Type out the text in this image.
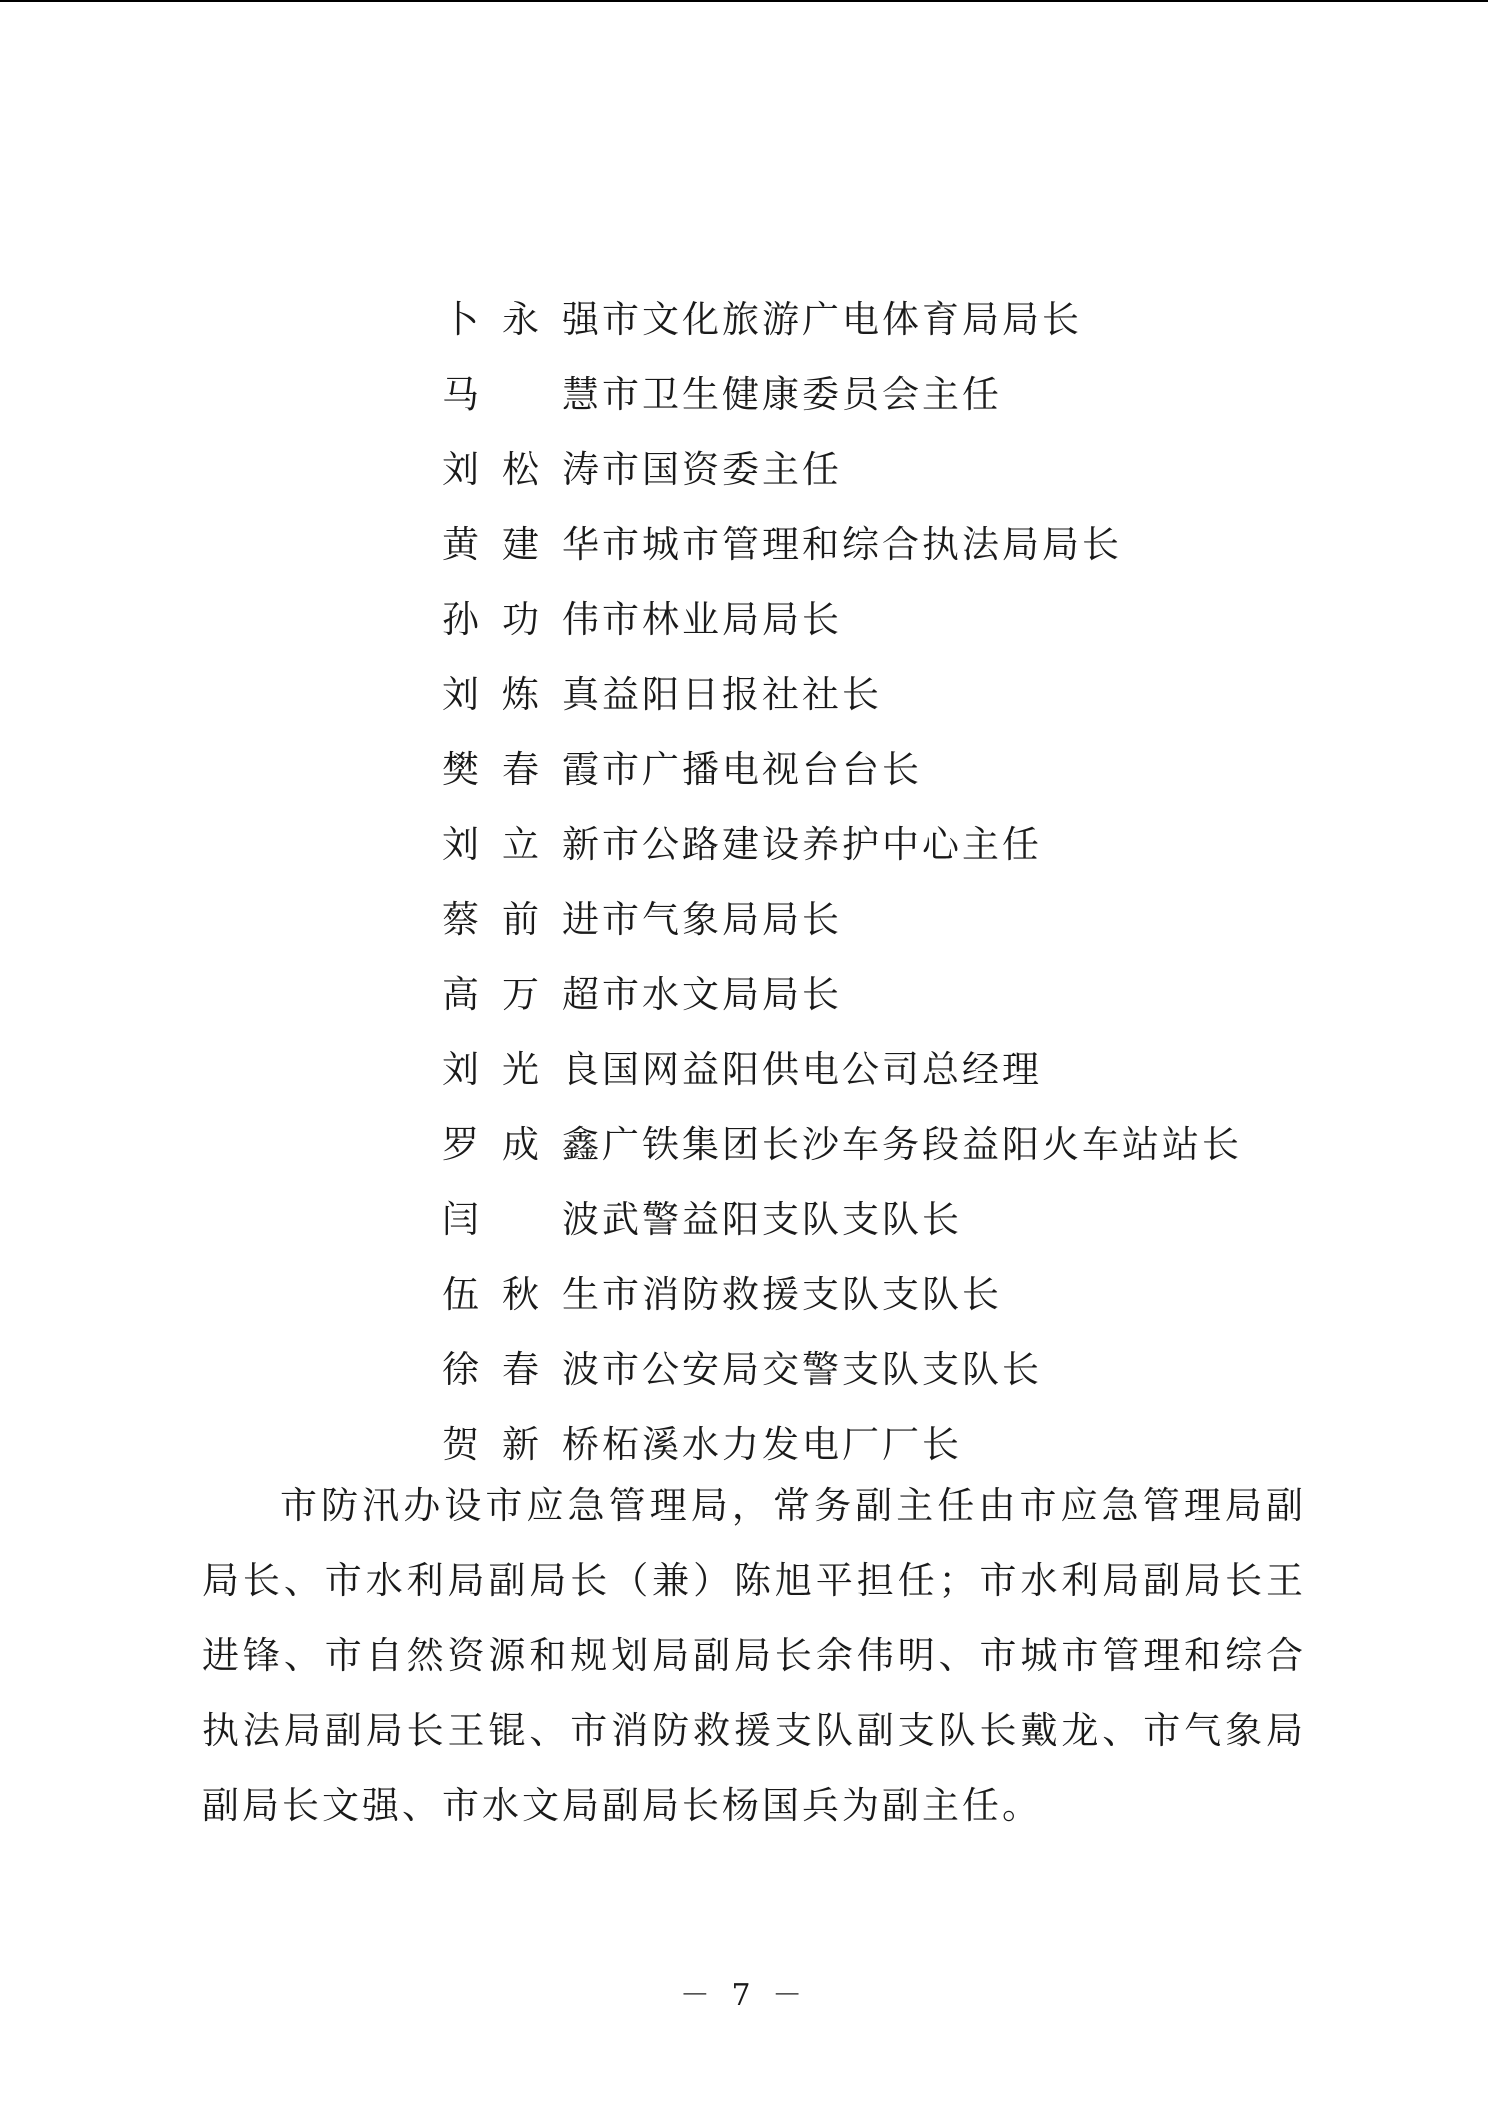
卜永强 市文化旅游广电体育局局长
马　慧 市卫生健康委员会主任
刘松涛 市国资委主任
黄建华 市城市管理和综合执法局局长
孙功伟 市林业局局长
刘炼真 益阳日报社社长
樊春霞 市广播电视台台长
刘立新 市公路建设养护中心主任
蔡前进 市气象局局长
高万超 市水文局局长
刘光良 国网益阳供电公司总经理
罗成鑫 广铁集团长沙车务段益阳火车站站长
闫　波 武警益阳支队支队长
伍秋生 市消防救援支队支队长
徐春波 市公安局交警支队支队长
贺新桥 柘溪水力发电厂厂长

市防汛办设市应急管理局，常务副主任由市应急管理局副局长、市水利局副局长（兼）陈旭平担任；市水利局副局长王进锋、市自然资源和规划局副局长余伟明、市城市管理和综合执法局副局长王锟、市消防救援支队副支队长戴龙、市气象局副局长文强、市水文局副局长杨国兵为副主任。

－ 7 －
